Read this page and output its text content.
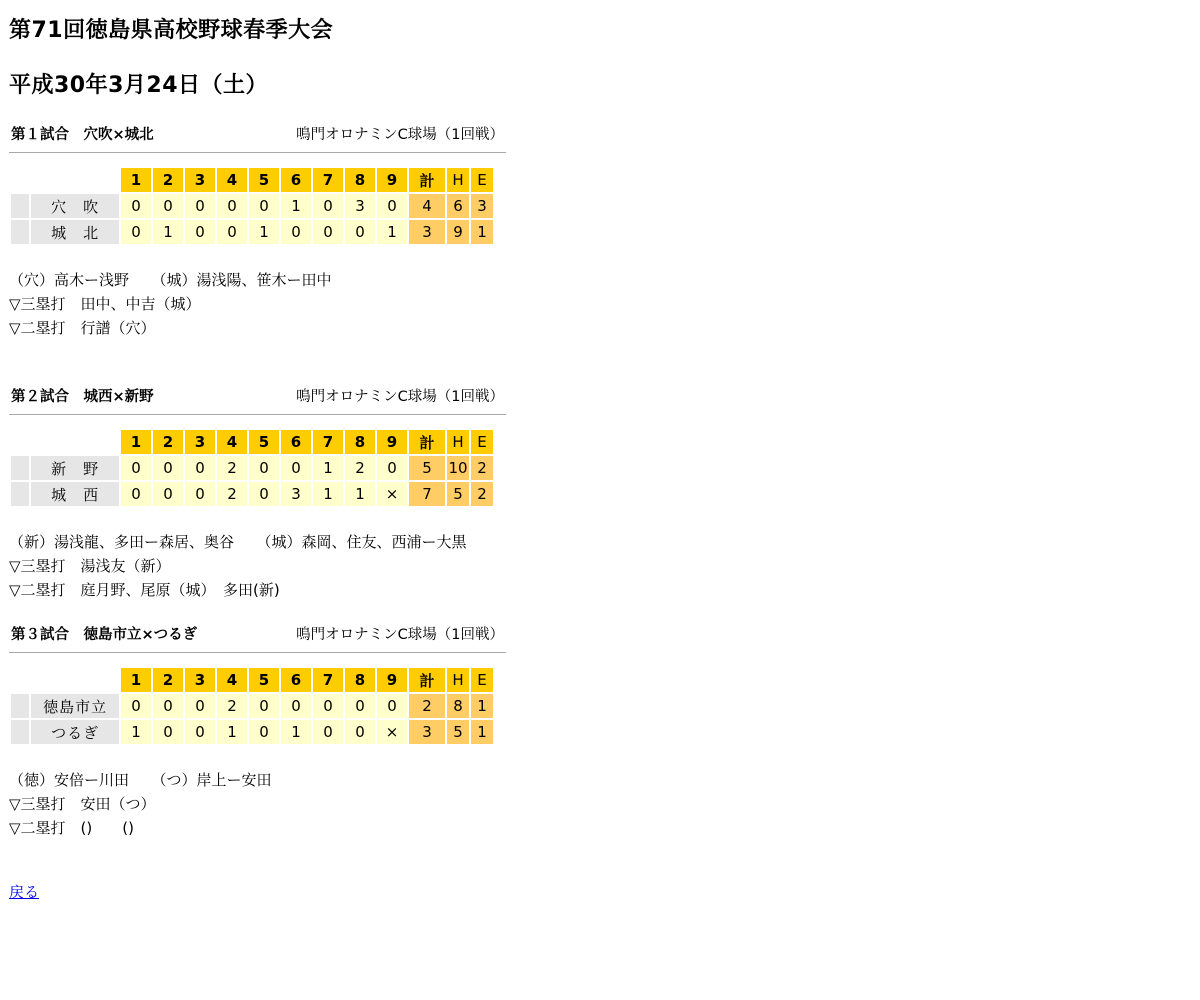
第71回徳島県高校野球春季大会
平成30年3月24日（土）
第１試合　穴吹×城北	鳴門オロナミンC球場（1回戦）
		1	2	3	4	5	6	7	8	9	計	H	E
	穴　吹	0	0	0	0	0	1	0	3	0	4	6	3
	城　北	0	1	0	0	1	0	0	0	1	3	9	1
（穴）高木ー浅野　　（城）湯浅陽、笹木ー田中
▽三塁打　田中、中吉（城）
▽二塁打　行譜（穴）
第２試合　城西×新野	鳴門オロナミンC球場（1回戦）
		1	2	3	4	5	6	7	8	9	計	H	E
	新　野	0	0	0	2	0	0	1	2	0	5	10	2
	城　西	0	0	0	2	0	3	1	1	×	7	5	2
（新）湯浅龍、多田ー森居、奥谷　　（城）森岡、住友、西浦ー大黒
▽三塁打　湯浅友（新）
▽二塁打　庭月野、尾原（城）　多田(新)
第３試合　徳島市立×つるぎ	鳴門オロナミンC球場（1回戦）
		1	2	3	4	5	6	7	8	9	計	H	E
	徳島市立	0	0	0	2	0	0	0	0	0	2	8	1
	つるぎ	1	0	0	1	0	1	0	0	×	3	5	1
（徳）安倍ー川田　　（つ）岸上ー安田
▽三塁打　安田（つ）
▽二塁打　()　　()
戻る
